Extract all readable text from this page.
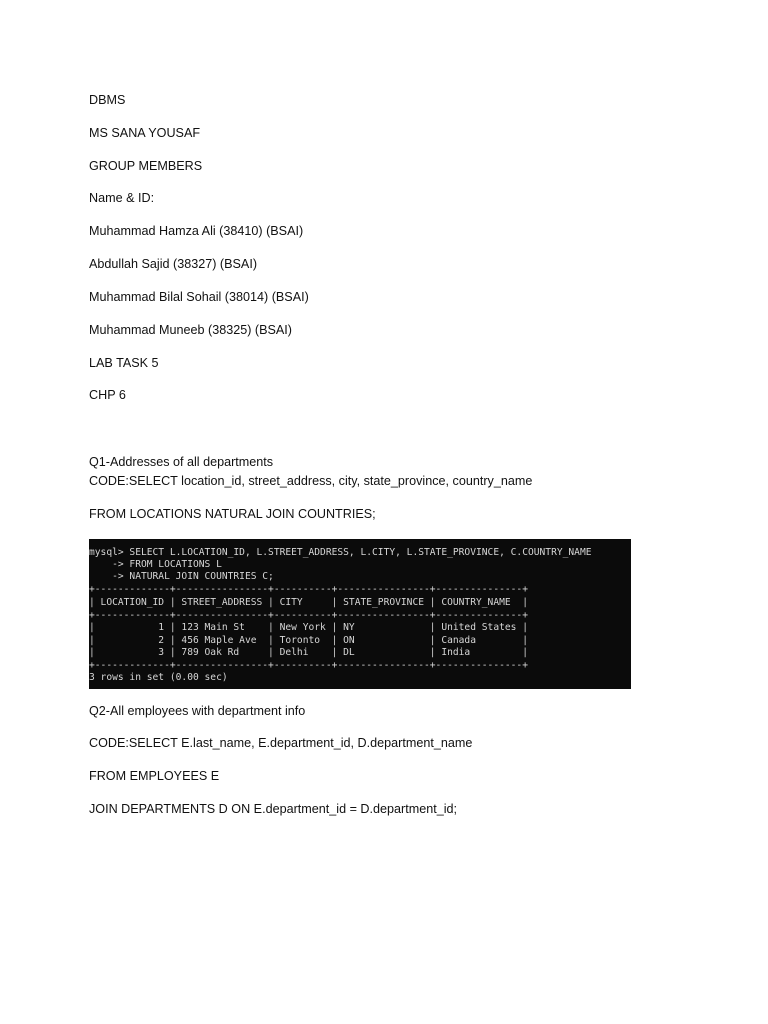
DBMS
MS SANA YOUSAF
GROUP MEMBERS
Name & ID:
Muhammad Hamza Ali (38410) (BSAI)
Abdullah Sajid (38327) (BSAI)
Muhammad Bilal Sohail (38014) (BSAI)
Muhammad Muneeb (38325) (BSAI)
LAB TASK 5
CHP 6
Q1-Addresses of all departments
CODE:SELECT location_id, street_address, city, state_province, country_name
FROM LOCATIONS NATURAL JOIN COUNTRIES;
mysql> SELECT L.LOCATION_ID, L.STREET_ADDRESS, L.CITY, L.STATE_PROVINCE, C.COUNTRY_NAME
-> FROM LOCATIONS L
-> NATURAL JOIN COUNTRIES C;
+-------------+----------------+----------+----------------+---------------+
| LOCATION_ID | STREET_ADDRESS | CITY     | STATE_PROVINCE | COUNTRY_NAME  |
+-------------+----------------+----------+----------------+---------------+
|           1 | 123 Main St    | New York | NY             | United States |
|           2 | 456 Maple Ave  | Toronto  | ON             | Canada        |
|           3 | 789 Oak Rd     | Delhi    | DL             | India         |
+-------------+----------------+----------+----------------+---------------+
3 rows in set (0.00 sec)
Q2-All employees with department info
CODE:SELECT E.last_name, E.department_id, D.department_name
FROM EMPLOYEES E
JOIN DEPARTMENTS D ON E.department_id = D.department_id;
